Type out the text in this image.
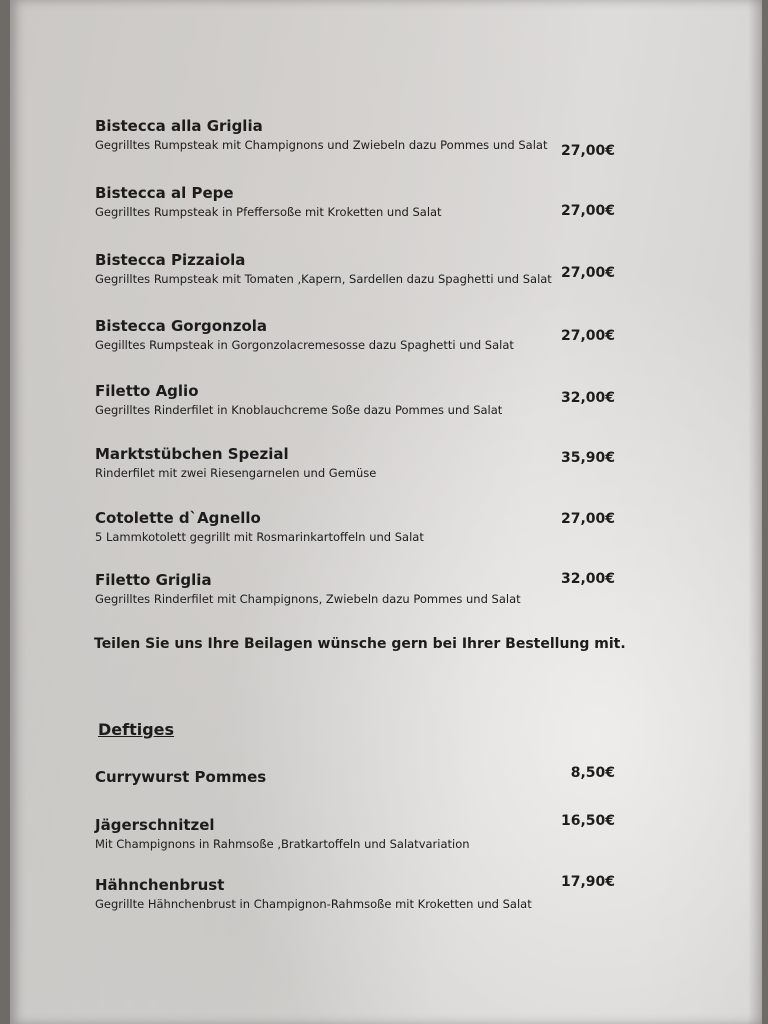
Bistecca alla Griglia
Gegrilltes Rumpsteak mit Champignons und Zwiebeln dazu Pommes und Salat 27,00€
Bistecca al Pepe
Gegrilltes Rumpsteak in Pfeffersoße mit Kroketten und Salat	27,00€
Bistecca Pizzaiola
Gegrilltes Rumpsteak mit Tomaten ,Kapern, Sardellen dazu Spaghetti und Salat 27,00€
Bistecca Gorgonzola
Gegilltes Rumpsteak in Gorgonzolacremesosse dazu Spaghetti und Salat
27,00€
Filetto Aglio
Gegrilltes Rinderfilet in Knoblauchcreme Soße dazu Pommes und Salat
32,00€
Marktstübchen Spezial
Rinderfilet mit zwei Riesengarnelen und Gemüse
35,90€
Cotolette d`Agnello
5 Lammkotolett gegrillt mit Rosmarinkartoffeln und Salat
27,00€
Filetto Griglia
Gegrilltes Rinderfilet mit Champignons, Zwiebeln dazu Pommes und Salat
32,00€
Teilen Sie uns Ihre Beilagen wünsche gern bei Ihrer Bestellung mit.
Deftiges
Currywurst Pommes	8,50€
Jägerschnitzel
Mit Champignons in Rahmsoße ,Bratkartoffeln und Salatvariation
16,50€
Hähnchenbrust
Gegrillte Hähnchenbrust in Champignon-Rahmsoße mit Kroketten und Salat
17,90€
